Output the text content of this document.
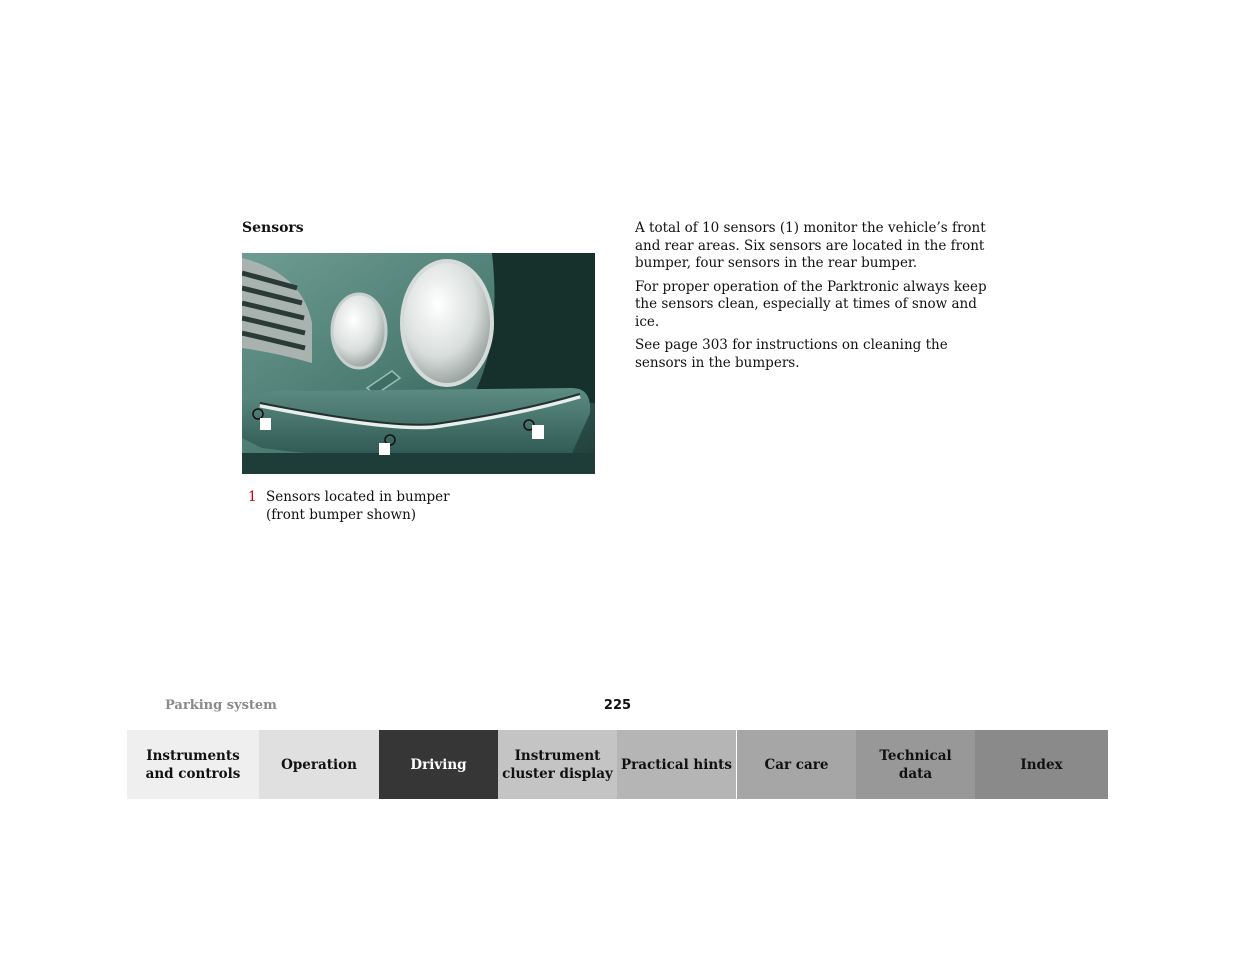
Sensors
1 Sensors located in bumper
(front bumper shown)

A total of 10 sensors (1) monitor the vehicle’s front and rear areas. Six sensors are located in the front bumper, four sensors in the rear bumper.

For proper operation of the Parktronic always keep the sensors clean, especially at times of snow and ice.

See page 303 for instructions on cleaning the sensors in the bumpers.

Parking system	225
Instruments
and controls
Operation	Driving
Instrument
cluster display
Practical hints Car care
Technical
data
Index
